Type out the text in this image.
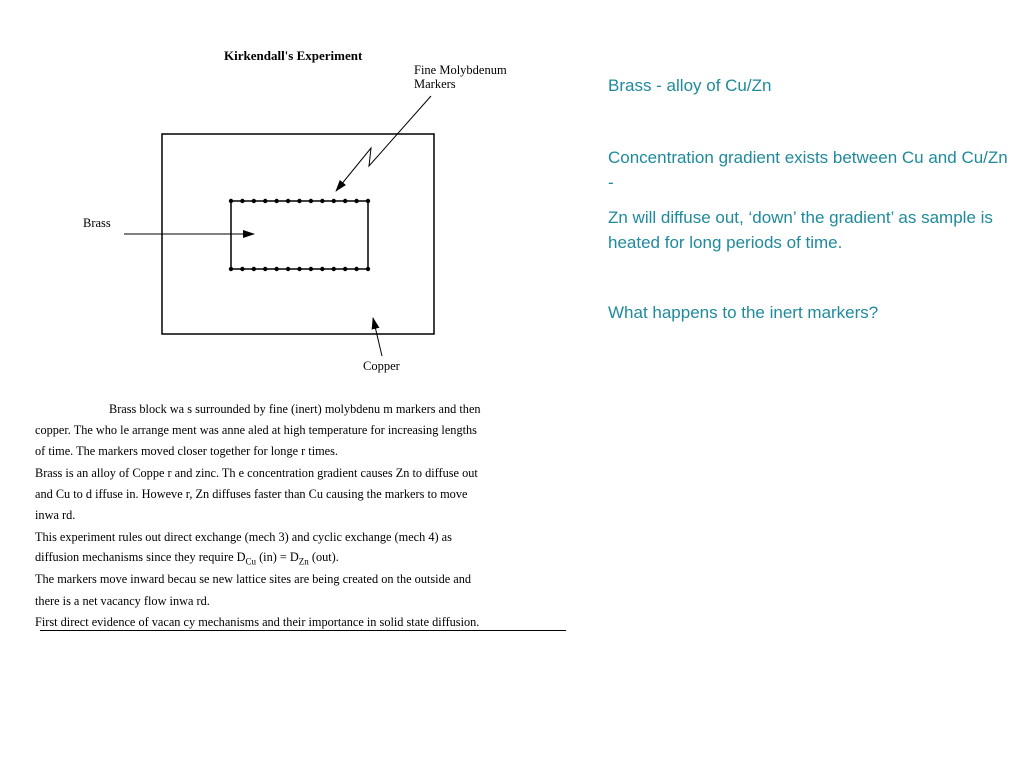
Kirkendall's Experiment
Fine Molybdenum
Markers
Brass
Copper
Brass block wa s surrounded by fine (inert) molybdenu m markers and then
copper. The who le arrange ment was anne aled at high temperature for increasing lengths
of time. The markers moved closer together for longe r times.
Brass is an alloy of Coppe r and zinc. Th e concentration gradient causes Zn to diffuse out
and Cu to d iffuse in. Howeve r, Zn diffuses faster than Cu causing the markers to move
inwa rd.
This experiment rules out direct exchange (mech 3) and cyclic exchange (mech 4) as
diffusion mechanisms since they require $D_{Cu}$ $(in) = D_{Zn}$ (out).
The markers move inward becau se new lattice sites are being created on the outside and
there is a net vacancy flow inwa rd.
First direct evidence of vacan cy mechanisms and their importance in solid state diffusion.
Brass - alloy of Cu/Zn
Concentration gradient exists between Cu and Cu/Zn -
Zn will diffuse out, ‘down’ the gradient’ as sample is heated for long periods of time.
What happens to the inert markers?
